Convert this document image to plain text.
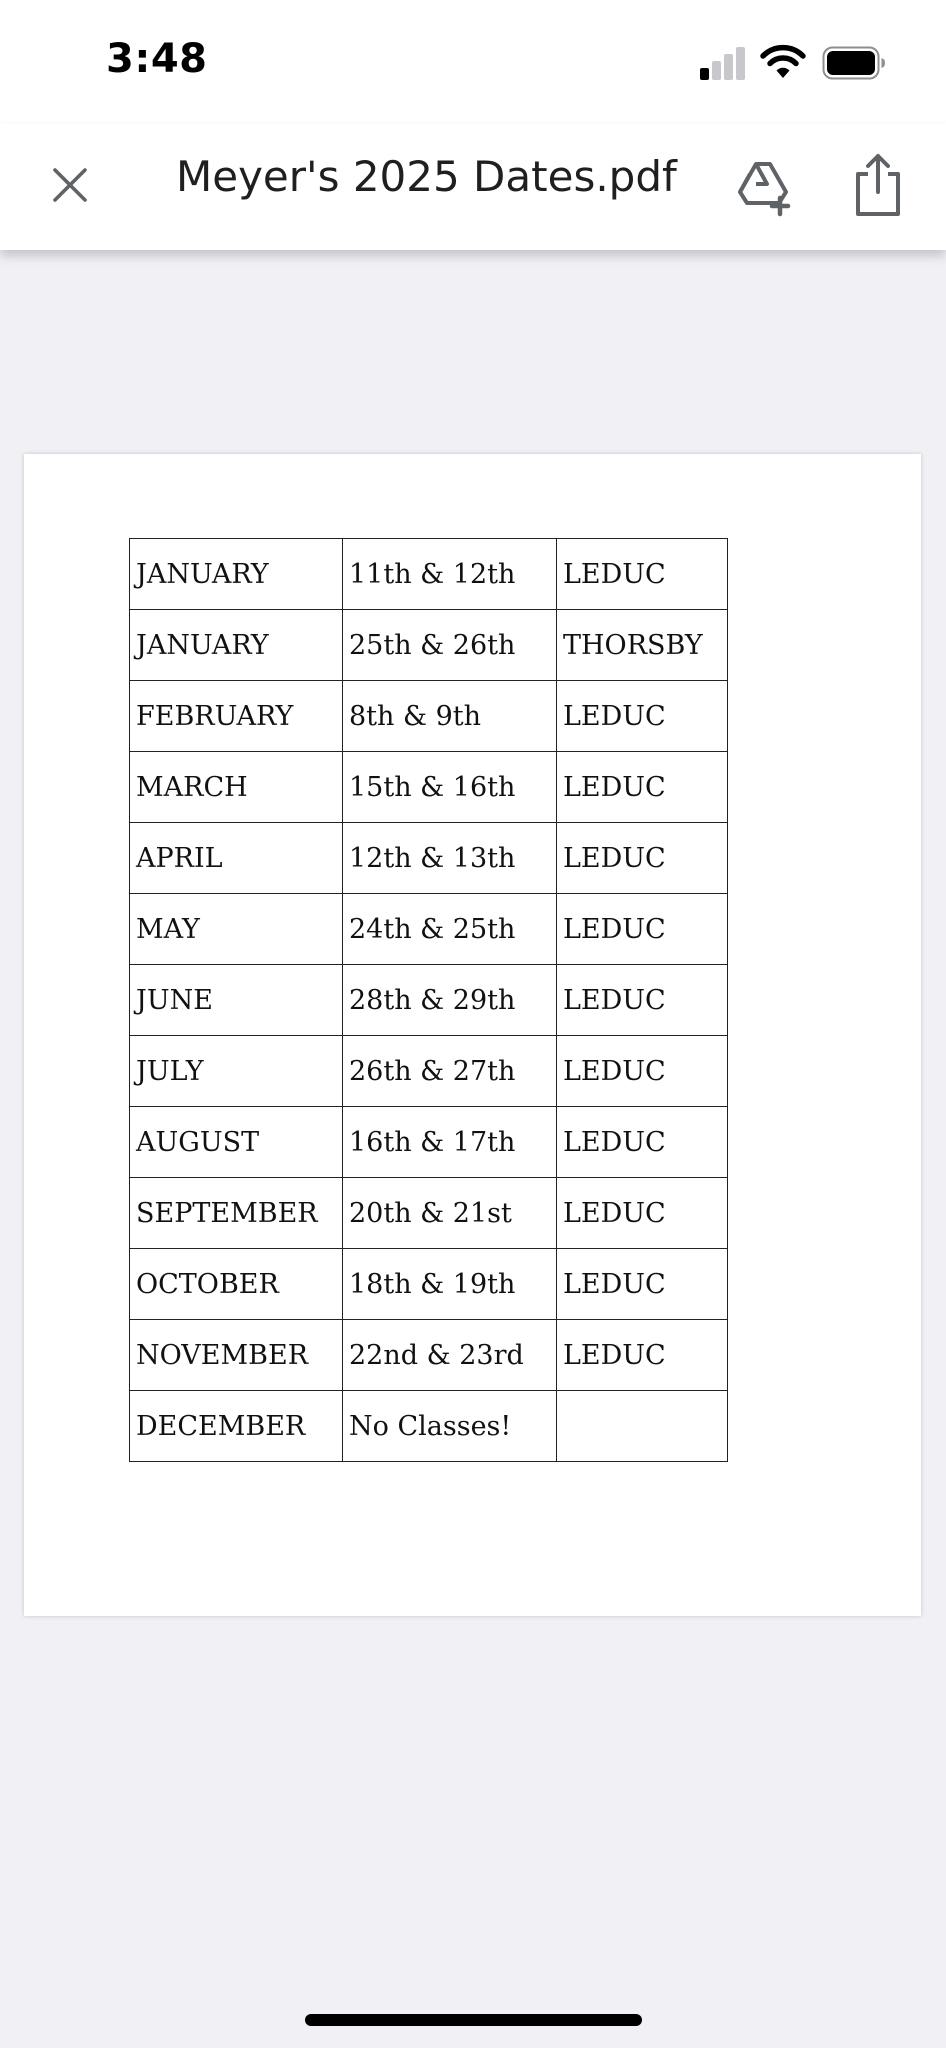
3:48
Meyer's 2025 Dates.pdf
JANUARY	11th & 12th	LEDUC
JANUARY	25th & 26th	THORSBY
FEBRUARY	8th & 9th	LEDUC
MARCH	15th & 16th	LEDUC
APRIL	12th & 13th	LEDUC
MAY	24th & 25th	LEDUC
JUNE	28th & 29th	LEDUC
JULY	26th & 27th	LEDUC
AUGUST	16th & 17th	LEDUC
SEPTEMBER	20th & 21st	LEDUC
OCTOBER	18th & 19th	LEDUC
NOVEMBER	22nd & 23rd	LEDUC
DECEMBER	No Classes!	
